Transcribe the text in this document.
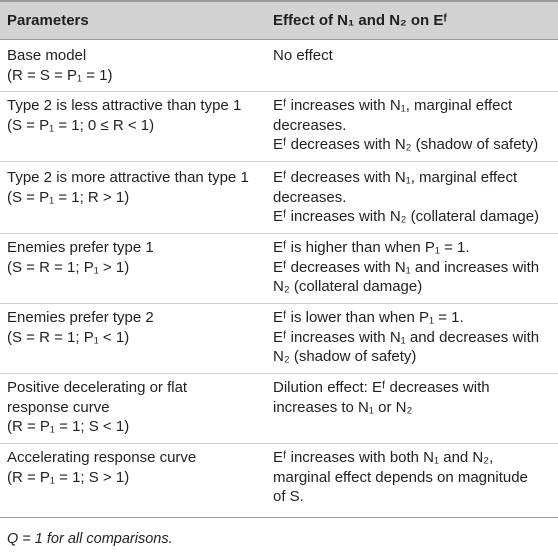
Parameters	Effect of N₁ and N₂ on Eᶠ
Base model
(R = S = P₁ = 1)
No effect
Type 2 is less attractive than type 1
(S = P₁ = 1; 0 ≤ R < 1)
Eᶠ increases with N₁, marginal effect
decreases.
Eᶠ decreases with N₂ (shadow of safety)
Type 2 is more attractive than type 1
(S = P₁ = 1; R > 1)
Eᶠ decreases with N₁, marginal effect
decreases.
Eᶠ increases with N₂ (collateral damage)
Enemies prefer type 1
(S = R = 1; P₁ > 1)
Eᶠ is higher than when P₁ = 1.
Eᶠ decreases with N₁ and increases with
N₂ (collateral damage)
Enemies prefer type 2
(S = R = 1; P₁ < 1)
Eᶠ is lower than when P₁ = 1.
Eᶠ increases with N₁ and decreases with
N₂ (shadow of safety)
Positive decelerating or flat
response curve
(R = P₁ = 1; S < 1)
Dilution effect: Eᶠ decreases with
increases to N₁ or N₂
Accelerating response curve
(R = P₁ = 1; S > 1)
Eᶠ increases with both N₁ and N₂,
marginal effect depends on magnitude
of S.
Q = 1 for all comparisons.
